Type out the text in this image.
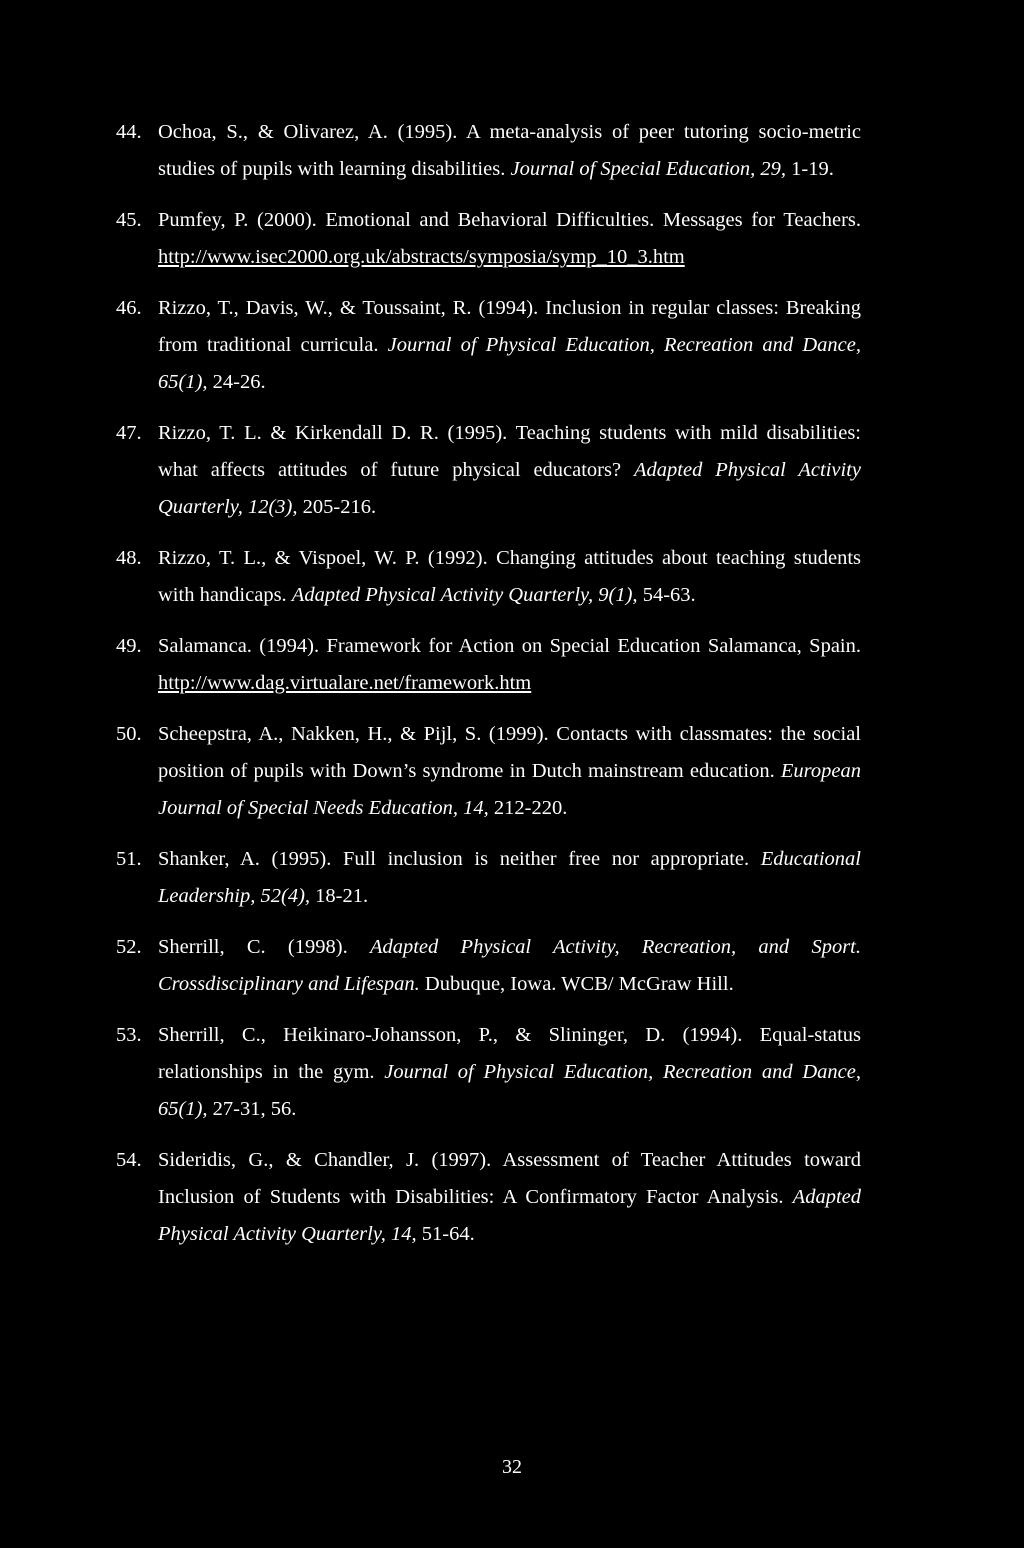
44. Ochoa, S., & Olivarez, A. (1995). A meta-analysis of peer tutoring socio-metric studies of pupils with learning disabilities. Journal of Special Education, 29, 1-19.
45. Pumfey, P. (2000). Emotional and Behavioral Difficulties. Messages for Teachers. http://www.isec2000.org.uk/abstracts/symposia/symp_10_3.htm
46. Rizzo, T., Davis, W., & Toussaint, R. (1994). Inclusion in regular classes: Breaking from traditional curricula. Journal of Physical Education, Recreation and Dance, 65(1), 24-26.
47. Rizzo, T. L. & Kirkendall D. R. (1995). Teaching students with mild disabilities: what affects attitudes of future physical educators? Adapted Physical Activity Quarterly, 12(3), 205-216.
48. Rizzo, T. L., & Vispoel, W. P. (1992). Changing attitudes about teaching students with handicaps. Adapted Physical Activity Quarterly, 9(1), 54-63.
49. Salamanca. (1994). Framework for Action on Special Education Salamanca, Spain. http://www.dag.virtualare.net/framework.htm
50. Scheepstra, A., Nakken, H., & Pijl, S. (1999). Contacts with classmates: the social position of pupils with Down’s syndrome in Dutch mainstream education. European Journal of Special Needs Education, 14, 212-220.
51. Shanker, A. (1995). Full inclusion is neither free nor appropriate. Educational Leadership, 52(4), 18-21.
52. Sherrill, C. (1998). Adapted Physical Activity, Recreation, and Sport. Crossdisciplinary and Lifespan. Dubuque, Iowa. WCB/ McGraw Hill.
53. Sherrill, C., Heikinaro-Johansson, P., & Slininger, D. (1994). Equal-status relationships in the gym. Journal of Physical Education, Recreation and Dance, 65(1), 27-31, 56.
54. Sideridis, G., & Chandler, J. (1997). Assessment of Teacher Attitudes toward Inclusion of Students with Disabilities: A Confirmatory Factor Analysis. Adapted Physical Activity Quarterly, 14, 51-64.
32
